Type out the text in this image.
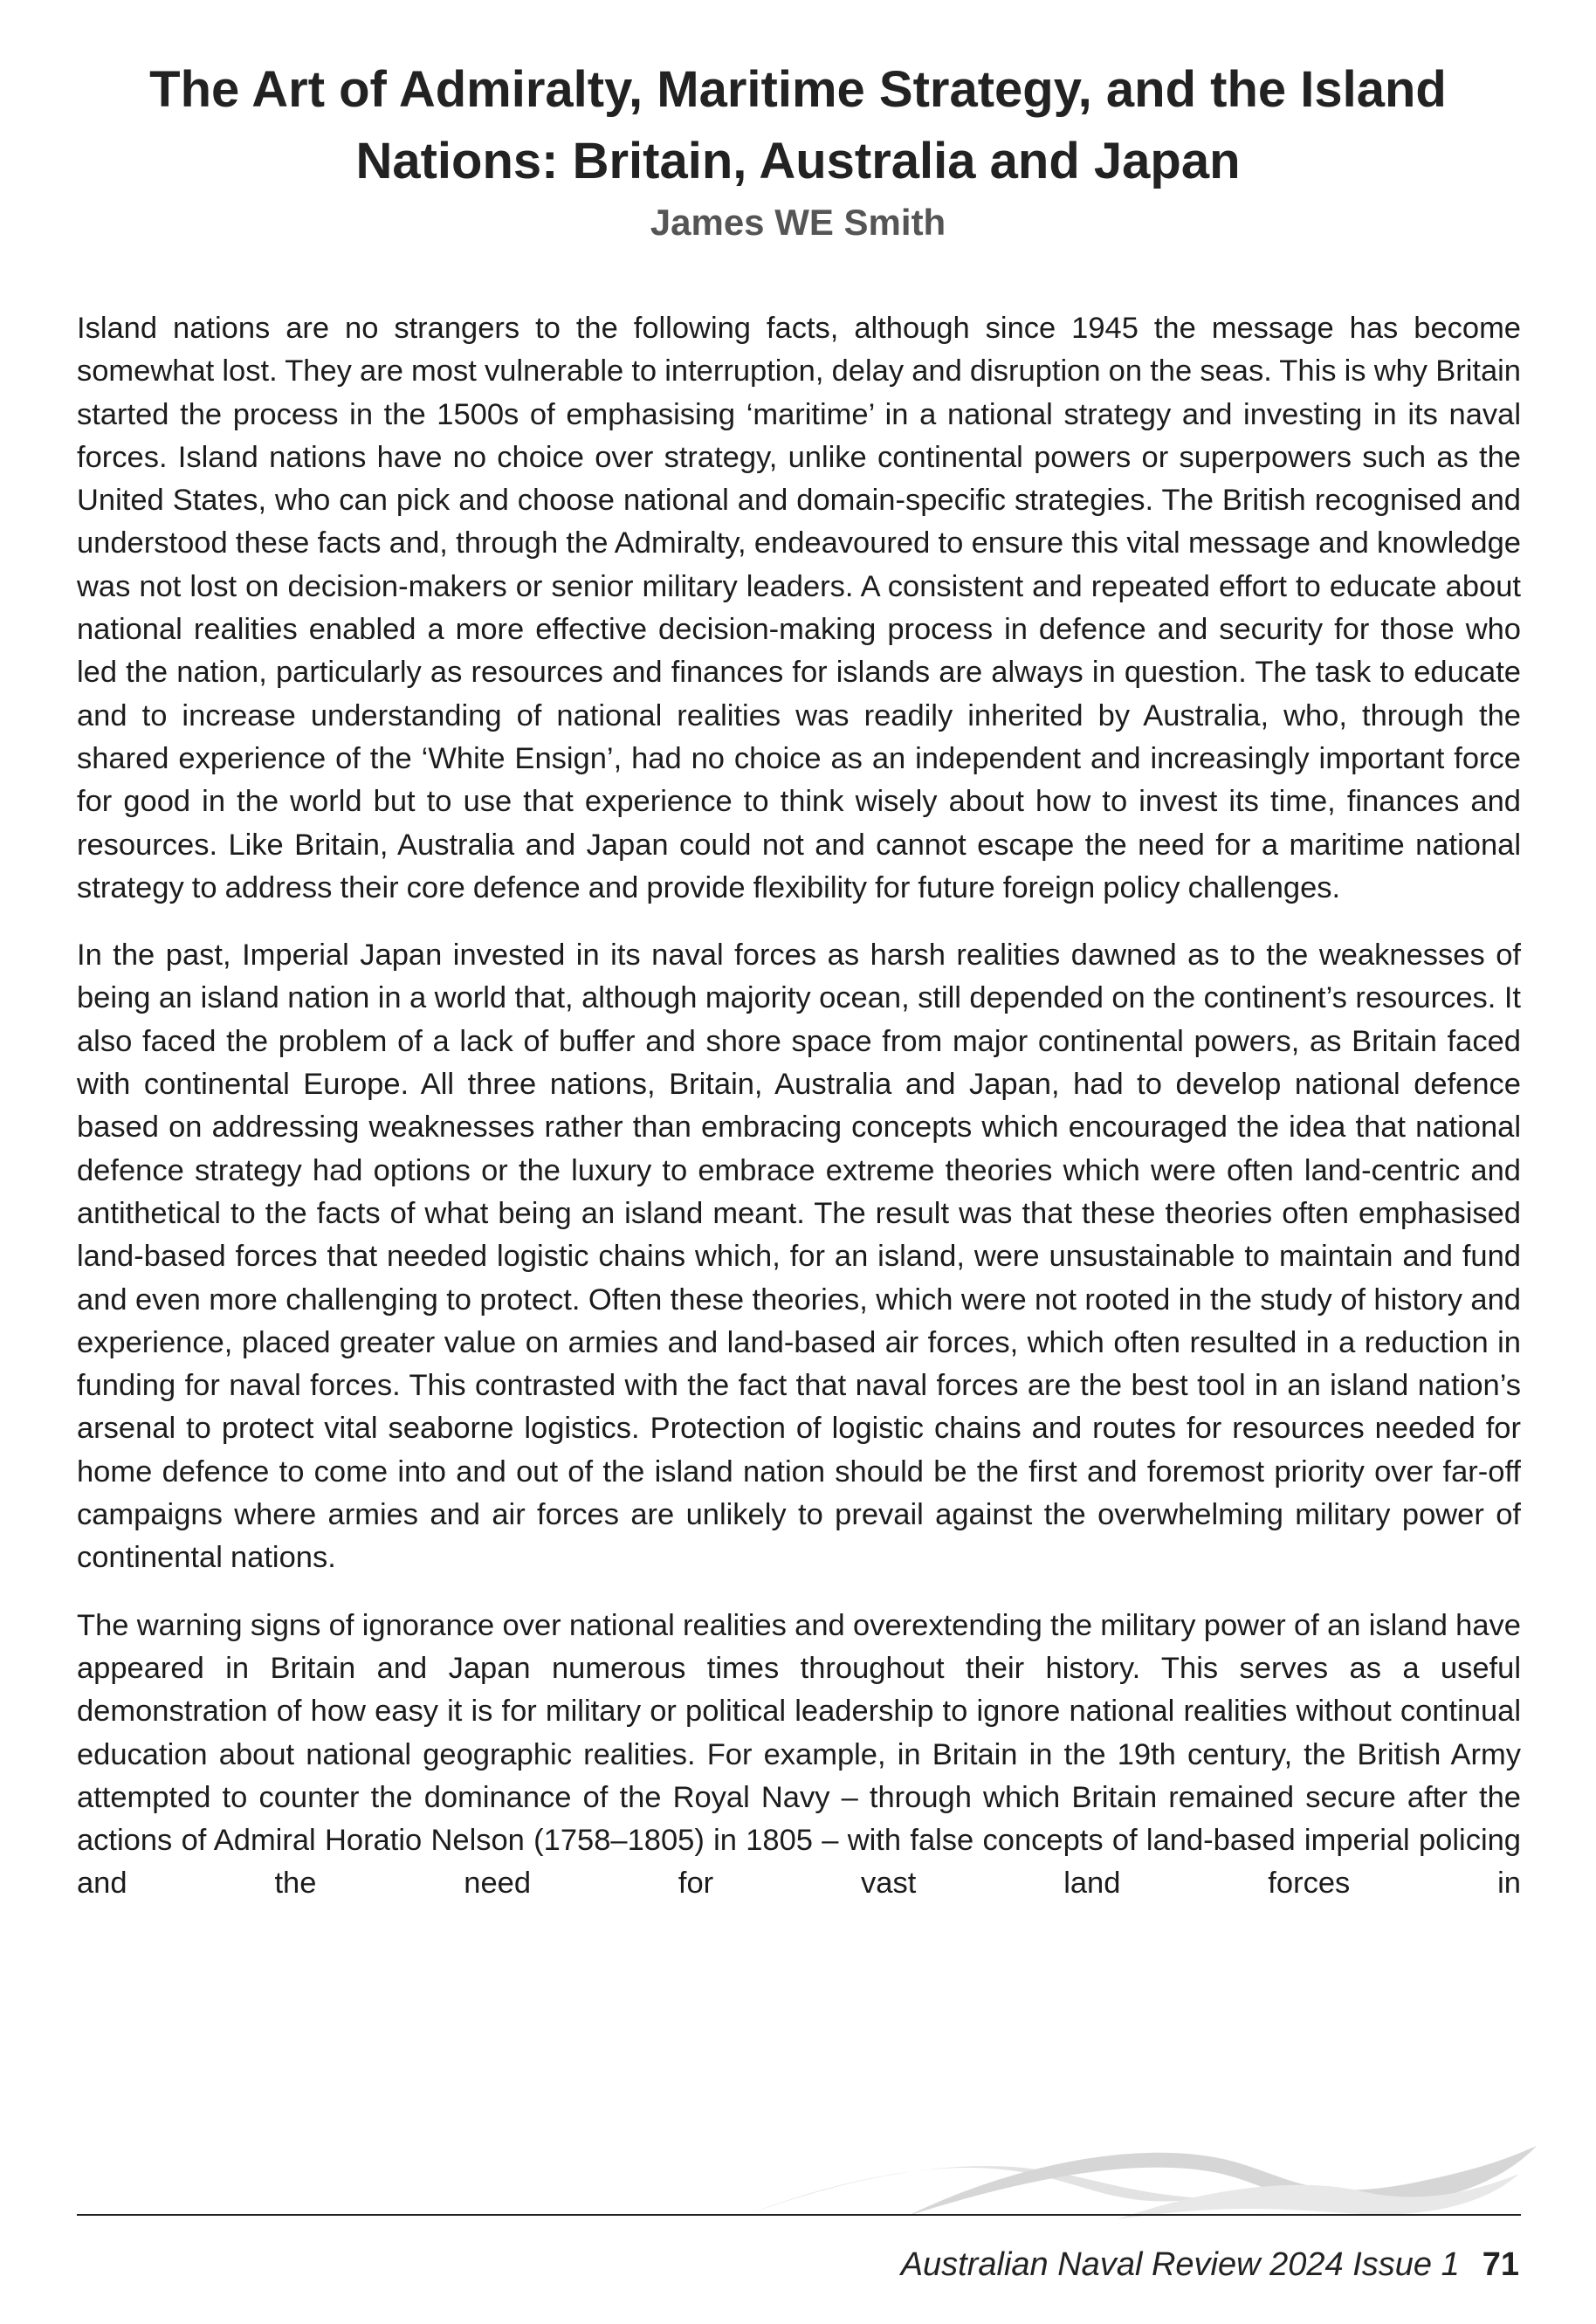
The Art of Admiralty, Maritime Strategy, and the Island Nations: Britain, Australia and Japan
James WE Smith

Island nations are no strangers to the following facts, although since 1945 the message has become somewhat lost. They are most vulnerable to interruption, delay and disruption on the seas. This is why Britain started the process in the 1500s of emphasising ‘maritime’ in a national strategy and investing in its naval forces. Island nations have no choice over strategy, unlike continental powers or superpowers such as the United States, who can pick and choose national and domain-specific strategies. The British recognised and understood these facts and, through the Admiralty, endeavoured to ensure this vital message and knowledge was not lost on decision-makers or senior military leaders. A consistent and repeated effort to educate about national realities enabled a more effective decision-making process in defence and security for those who led the nation, particularly as resources and finances for islands are always in question. The task to educate and to increase understanding of national realities was readily inherited by Australia, who, through the shared experience of the ‘White Ensign’, had no choice as an independent and increasingly important force for good in the world but to use that experience to think wisely about how to invest its time, finances and resources. Like Britain, Australia and Japan could not and cannot escape the need for a maritime national strategy to address their core defence and provide flexibility for future foreign policy challenges.

In the past, Imperial Japan invested in its naval forces as harsh realities dawned as to the weaknesses of being an island nation in a world that, although majority ocean, still depended on the continent’s resources. It also faced the problem of a lack of buffer and shore space from major continental powers, as Britain faced with continental Europe. All three nations, Britain, Australia and Japan, had to develop national defence based on addressing weaknesses rather than embracing concepts which encouraged the idea that national defence strategy had options or the luxury to embrace extreme theories which were often land-centric and antithetical to the facts of what being an island meant. The result was that these theories often emphasised land-based forces that needed logistic chains which, for an island, were unsustainable to maintain and fund and even more challenging to protect. Often these theories, which were not rooted in the study of history and experience, placed greater value on armies and land-based air forces, which often resulted in a reduction in funding for naval forces. This contrasted with the fact that naval forces are the best tool in an island nation’s arsenal to protect vital seaborne logistics. Protection of logistic chains and routes for resources needed for home defence to come into and out of the island nation should be the first and foremost priority over far-off campaigns where armies and air forces are unlikely to prevail against the overwhelming military power of continental nations.

The warning signs of ignorance over national realities and overextending the military power of an island have appeared in Britain and Japan numerous times throughout their history. This serves as a useful demonstration of how easy it is for military or political leadership to ignore national realities without continual education about national geographic realities. For example, in Britain in the 19th century, the British Army attempted to counter the dominance of the Royal Navy – through which Britain remained secure after the actions of Admiral Horatio Nelson (1758–1805) in 1805 – with false concepts of land-based imperial policing and the need for vast land forces in

Australian Naval Review 2024 Issue 1 71
